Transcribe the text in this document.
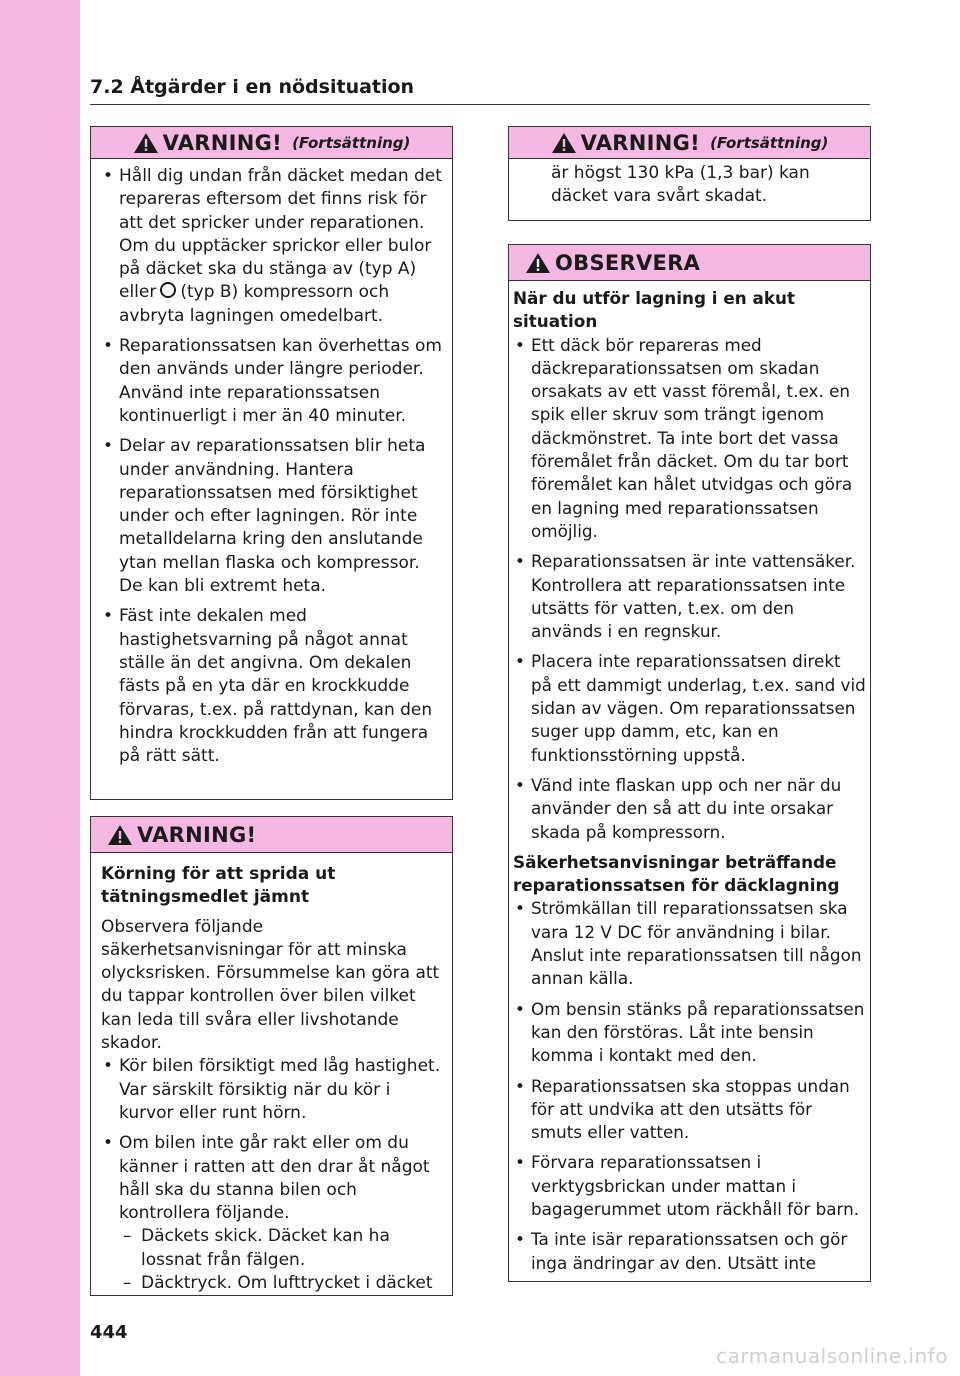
7.2 Åtgärder i en nödsituation
VARNING! (Fortsättning)
• Håll dig undan från däcket medan det repareras eftersom det finns risk för att det spricker under reparationen. Om du upptäcker sprickor eller bulor på däcket ska du stänga av (typ A) eller (typ B) kompressorn och avbryta lagningen omedelbart.
• Reparationssatsen kan överhettas om den används under längre perioder. Använd inte reparationssatsen kontinuerligt i mer än 40 minuter.
• Delar av reparationssatsen blir heta under användning. Hantera reparationssatsen med försiktighet under och efter lagningen. Rör inte metalldelarna kring den anslutande ytan mellan flaska och kompressor. De kan bli extremt heta.
• Fäst inte dekalen med hastighetsvarning på något annat ställe än det angivna. Om dekalen fästs på en yta där en krockkudde förvaras, t.ex. på rattdynan, kan den hindra krockkudden från att fungera på rätt sätt.
VARNING!

Körning för att sprida ut tätningsmedlet jämnt

Observera följande säkerhetsanvisningar för att minska olycksrisken. Försummelse kan göra att du tappar kontrollen över bilen vilket kan leda till svåra eller livshotande skador.

• Kör bilen försiktigt med låg hastighet. Var särskilt försiktig när du kör i kurvor eller runt hörn.
• Om bilen inte går rakt eller om du känner i ratten att den drar åt något håll ska du stanna bilen och kontrollera följande.
– Däckets skick. Däcket kan ha lossnat från fälgen.
– Däcktryck. Om lufttrycket i däcket
VARNING! (Fortsättning)
är högst 130 kPa (1,3 bar) kan däcket vara svårt skadat.
OBSERVERA

När du utför lagning i en akut situation

• Ett däck bör repareras med däckreparationssatsen om skadan orsakats av ett vasst föremål, t.ex. en spik eller skruv som trängt igenom däckmönstret. Ta inte bort det vassa föremålet från däcket. Om du tar bort föremålet kan hålet utvidgas och göra en lagning med reparationssatsen omöjlig.
• Reparationssatsen är inte vattensäker. Kontrollera att reparationssatsen inte utsätts för vatten, t.ex. om den används i en regnskur.
• Placera inte reparationssatsen direkt på ett dammigt underlag, t.ex. sand vid sidan av vägen. Om reparationssatsen suger upp damm, etc, kan en funktionsstörning uppstå.
• Vänd inte flaskan upp och ner när du använder den så att du inte orsakar skada på kompressorn.

Säkerhetsanvisningar beträffande reparationssatsen för däcklagning

• Strömkällan till reparationssatsen ska vara 12 V DC för användning i bilar. Anslut inte reparationssatsen till någon annan källa.
• Om bensin stänks på reparationssatsen kan den förstöras. Låt inte bensin komma i kontakt med den.
• Reparationssatsen ska stoppas undan för att undvika att den utsätts för smuts eller vatten.
• Förvara reparationssatsen i verktygsbrickan under mattan i bagagerummet utom räckhåll för barn.
• Ta inte isär reparationssatsen och gör inga ändringar av den. Utsätt inte
444
carmanualsonline.info
